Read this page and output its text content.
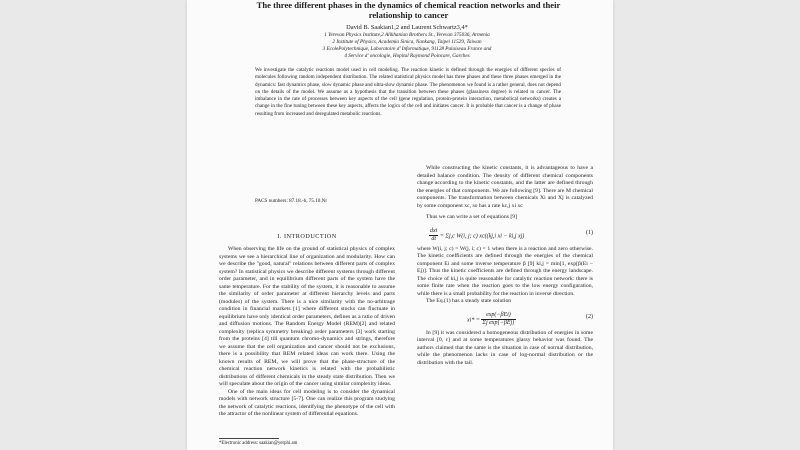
The three different phases in the dynamics of chemical reaction networks and their
relationship to cancer
David B. Saakian1,2 and Laurent Schwartz3,4*
1 Yerevan Physics Institute,2 Alikhanian Brothers St., Yerevan 375036, Armenia
2 Institute of Physics, Academia Sinica, Nankang, Taipei 11529, Taiwan
3 EcolePolytechnique, Laboratoire d' Informatique, 91128 Palaiseau France and
4 Service d' oncologie, Hopital Raymond Poincare, Garches

We investigate the catalytic reactions model used in cell modeling. The reaction kinetic is defined through the energies of different species of molecules following random independent distribution. The related statistical physics model has three phases and these three phases emerged in the dynamics: fast dynamics phase, slow dynamic phase and ultra-slow dynamic phase. The phenomenon we found is a rather general, does not depend on the details of the model. We assume as a hypothesis that the transition between these phases (glassiness degree) is related to cancer. The imbalance in the rate of processes between key aspects of the cell (gene regulation, protein-protein interaction, metabolical networks) creates a change in the fine tuning between these key aspects, affects the logics of the cell and initiates cancer. It is probable that cancer is a change of phase resulting from increased and deregulated metabolic reactions.

PACS numbers: 87.18.-h, 75.10.Nr
I. INTRODUCTION

When observing the life on the ground of statistical physics of complex systems we see a hierarchical line of organization and modularity. How can we describe the "good, natural" relations between different parts of complex system? In statistical physics we describe different systems through different order parameter, and in equilibrium different parts of the system have the same temperature. For the stability of the system, it is reasonable to assume the similarity of order parameter at different hierarchy levels and parts (modules) of the system. There is a nice similarity with the no-arbitrage condition in financial markets [1] where different stocks can fluctuate in equilibrium have only identical order parameters, defines as a ratio of driven and diffusion motions. The Random Energy Model (REM)[2] and related complexity (replica symmetry breaking) order parameters [3] work starting from the proteins [4] till quantum chromo-dynamics and strings, therefore we assume that the cell organization and cancer should not be exclusions, there is a possibility that REM related ideas can work there. Using the known results of REM, we will prove that the phase-structure of the chemical reaction network kinetics is related with the probabilistic distributions of different chemicals in the steady state distribution. Then we will speculate about the origin of the cancer using similar complexity ideas.

One of the main ideas for cell modeling is to consider the dynamical models with network structure [5-7]. One can realize this program studying the network of catalytic reactions, identifying the phenotype of the cell with the attractor of the nonlinear system of differential equations.

While constructing the kinetic constants, it is advantageous to have a detailed balance condition. The density of different chemical components change according to the kinetic constants, and the latter are defined through the energies of that components. We are following [9]. There are M chemical components. The transformation between chemicals Xi and Xj is catalyzed by some component xc, so has a rate kc,j xi xc

Thus we can write a set of equations [9]

$\frac{\text{dxi}}{dt} = \Sigma j,c$ W(i, j; c) xc((kj,i xi − ki,j xj)
(1)

where W(i, j; c) = W(j, i; c) = 1 when there is a reaction and zero otherwise. The kinetic coefficients are defined through the energies of the chemical component Ei and some inverse temperature β [9] ki,j = min[1, exp[β(Ei − Ej)]. Thus the kinetic coefficients are defined through the energy landscape. The choice of ki,j is quite reasonable for catalytic reaction network: there is some finite rate when the reaction goes to the low energy configuration, while there is a small probability for the reaction in inverse direction.

The Eq.(1) has a steady state solution

$xi* = \frac{\text{exp(−βEi)}}{\text{Σj exp[−βEj]}}$	(2)

In [9] it was considered a homogeneous distribution of energies in some interval [0, ε] and at some temperatures glassy behavior was found. The authors claimed that the same is the situation in case of normal distribution, while the phenomenon lacks in case of log-normal distribution or the distribution with the tail.

*Electronic address: saakian@yerphi.am
